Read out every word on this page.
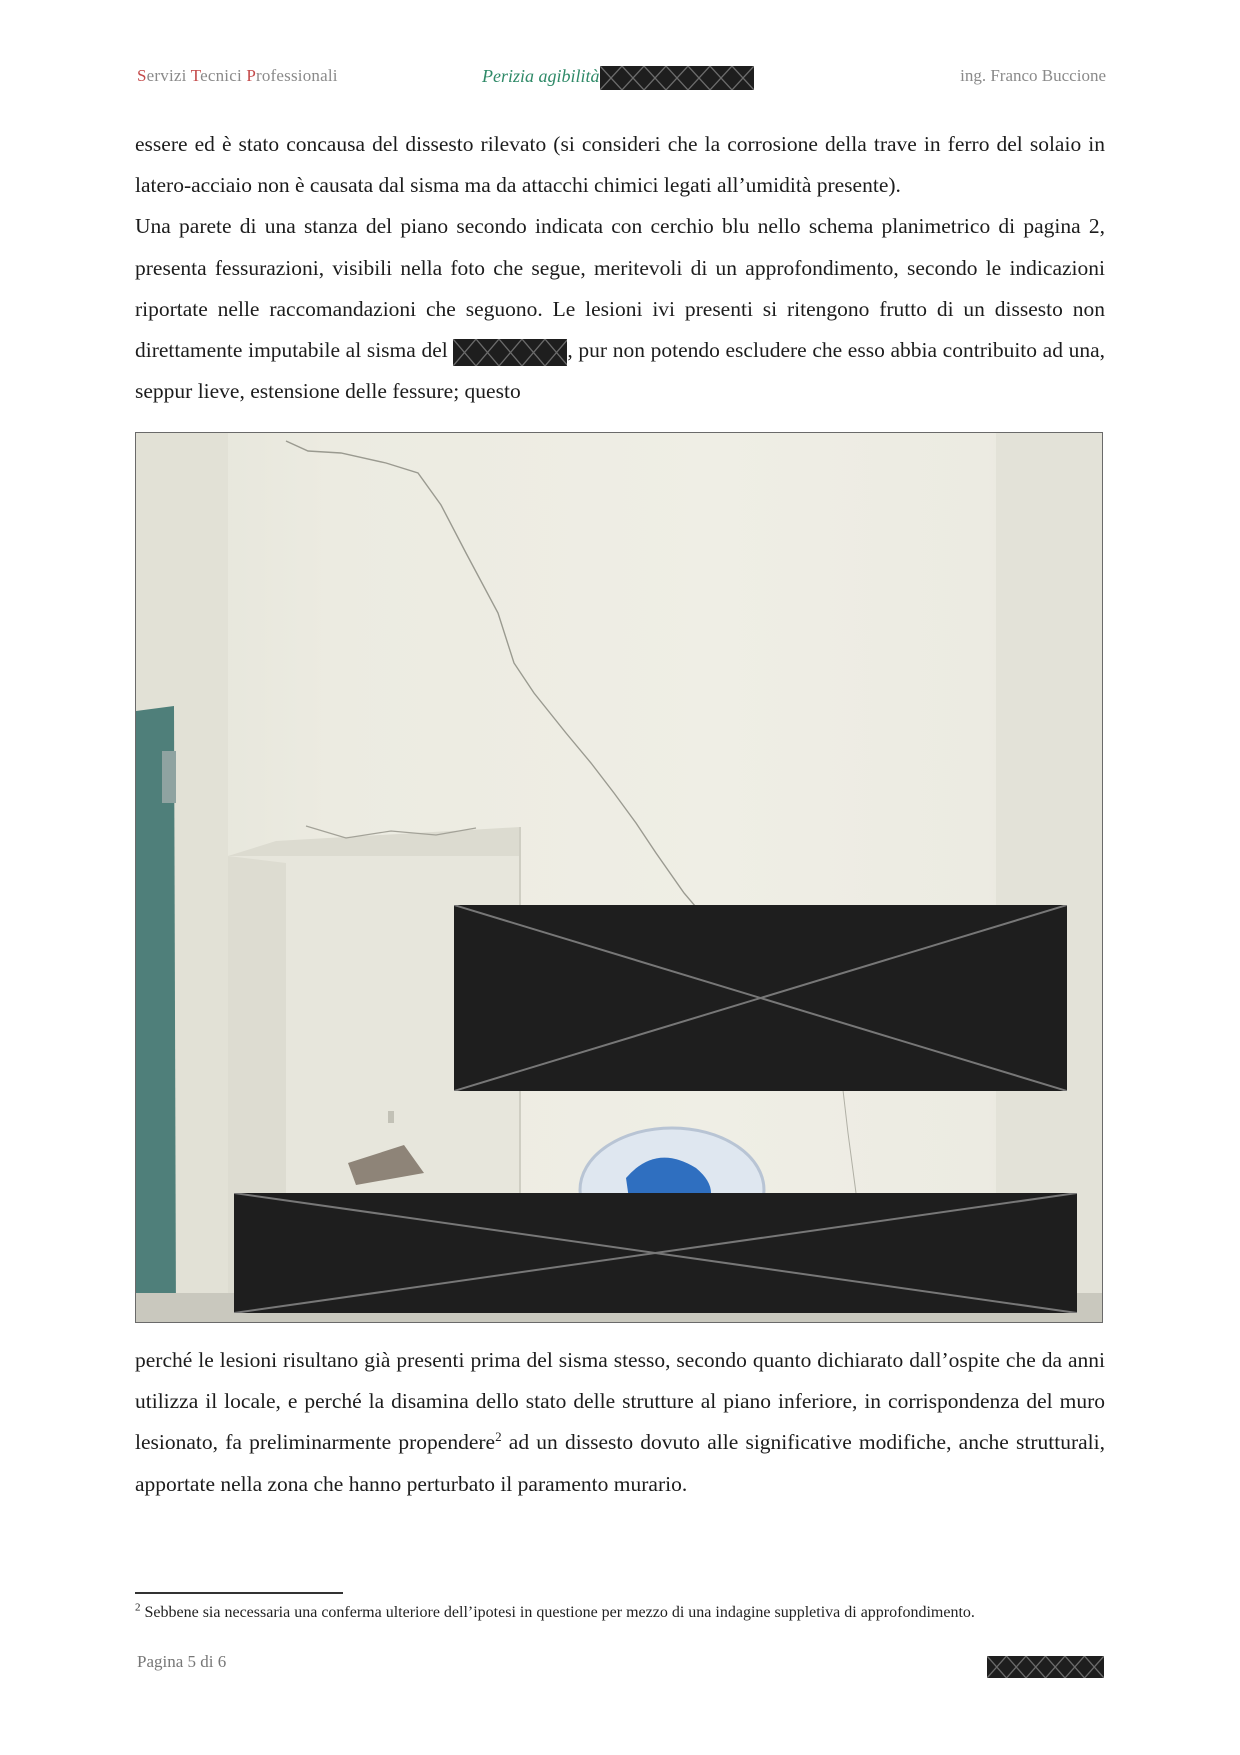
Servizi Tecnici Professionali	Perizia agibilità	ing. Franco Buccione

essere ed è stato concausa del dissesto rilevato (si consideri che la corrosione della trave in ferro del solaio in latero-acciaio non è causata dal sisma ma da attacchi chimici legati all’umidità presente).

Una parete di una stanza del piano secondo indicata con cerchio blu nello schema planimetrico di pagina 2, presenta fessurazioni, visibili nella foto che segue, meritevoli di un approfondimento, secondo le indicazioni riportate nelle raccomandazioni che seguono. Le lesioni ivi presenti si ritengono frutto di un dissesto non direttamente imputabile al sisma del	, pur non potendo escludere che esso abbia contribuito ad una, seppur lieve, estensione delle fessure; questo

perché le lesioni risultano già presenti prima del sisma stesso, secondo quanto dichiarato dall’ospite che da anni utilizza il locale, e perché la disamina dello stato delle strutture al piano inferiore, in corrispondenza del muro lesionato, fa preliminarmente propendere$^2$ ad un dissesto dovuto alle significative modifiche, anche strutturali, apportate nella zona che hanno perturbato il paramento murario.

$^2$ Sebbene sia necessaria una conferma ulteriore dell’ipotesi in questione per mezzo di una indagine suppletiva di approfondimento.
Pagina 5 di 6
